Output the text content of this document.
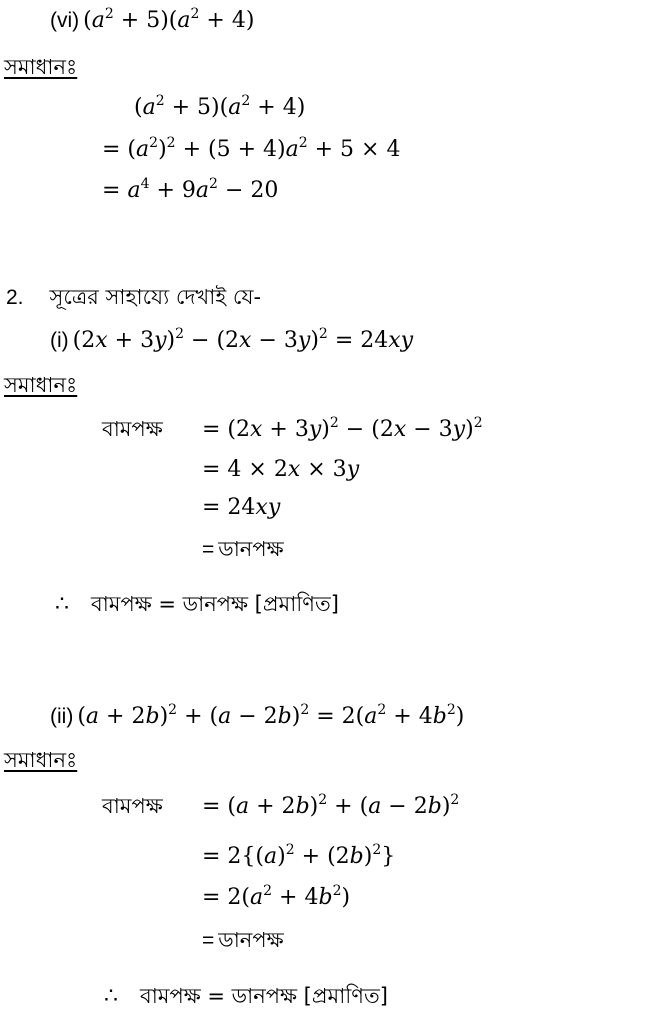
(vi) $(a^2 + 5)(a^2 + 4)$
সমাধানঃ
$(a^2 + 5)(a^2 + 4)$
= $(a^2)^2 + (5 + 4)a^2 + 5 \times 4$
= $a^4 + 9a^2 - 20$
2. সূত্রের সাহায্যে দেখাই যে-
(i) $(2x + 3y)^2 - (2x - 3y)^2 = 24xy$
সমাধানঃ
বামপক্ষ = $(2x + 3y)^2 - (2x - 3y)^2$
= 4 × 2x × 3y
= 24xy
= ডানপক্ষ
∴ বামপক্ষ = ডানপক্ষ [প্রমাণিত]
(ii) $(a + 2b)^2 + (a - 2b)^2 = 2(a^2 + 4b^2)$
সমাধানঃ
বামপক্ষ = $(a + 2b)^2 + (a - 2b)^2$
= $2\{(a)^2 + (2b)^2\}$
= $2(a^2 + 4b^2)$
= ডানপক্ষ
∴ বামপক্ষ = ডানপক্ষ [প্রমাণিত]
